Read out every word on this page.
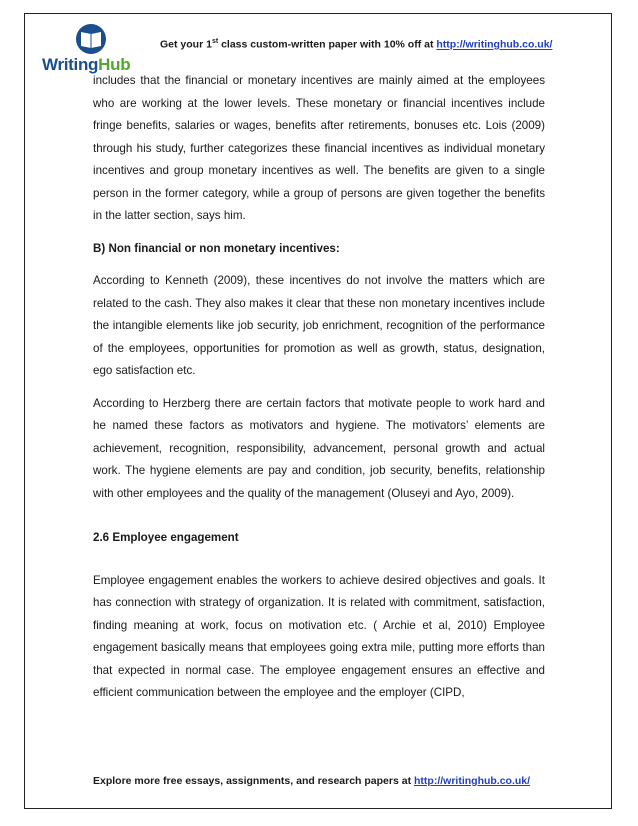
WritingHub
Get your 1st class custom-written paper with 10% off at http://writinghub.co.uk/

includes that the financial or monetary incentives are mainly aimed at the employees who are working at the lower levels. These monetary or financial incentives include fringe benefits, salaries or wages, benefits after retirements, bonuses etc. Lois (2009) through his study, further categorizes these financial incentives as individual monetary incentives and group monetary incentives as well. The benefits are given to a single person in the former category, while a group of persons are given together the benefits in the latter section, says him.

B) Non financial or non monetary incentives:

According to Kenneth (2009), these incentives do not involve the matters which are related to the cash. They also makes it clear that these non monetary incentives include the intangible elements like job security, job enrichment, recognition of the performance of the employees, opportunities for promotion as well as growth, status, designation, ego satisfaction etc.

According to Herzberg there are certain factors that motivate people to work hard and he named these factors as motivators and hygiene. The motivators’ elements are achievement, recognition, responsibility, advancement, personal growth and actual work. The hygiene elements are pay and condition, job security, benefits, relationship with other employees and the quality of the management (Oluseyi and Ayo, 2009).

2.6 Employee engagement

Employee engagement enables the workers to achieve desired objectives and goals. It has connection with strategy of organization. It is related with commitment, satisfaction, finding meaning at work, focus on motivation etc. ( Archie et al, 2010) Employee engagement basically means that employees going extra mile, putting more efforts than that expected in normal case. The employee engagement ensures an effective and efficient communication between the employee and the employer (CIPD,

Explore more free essays, assignments, and research papers at http://writinghub.co.uk/
